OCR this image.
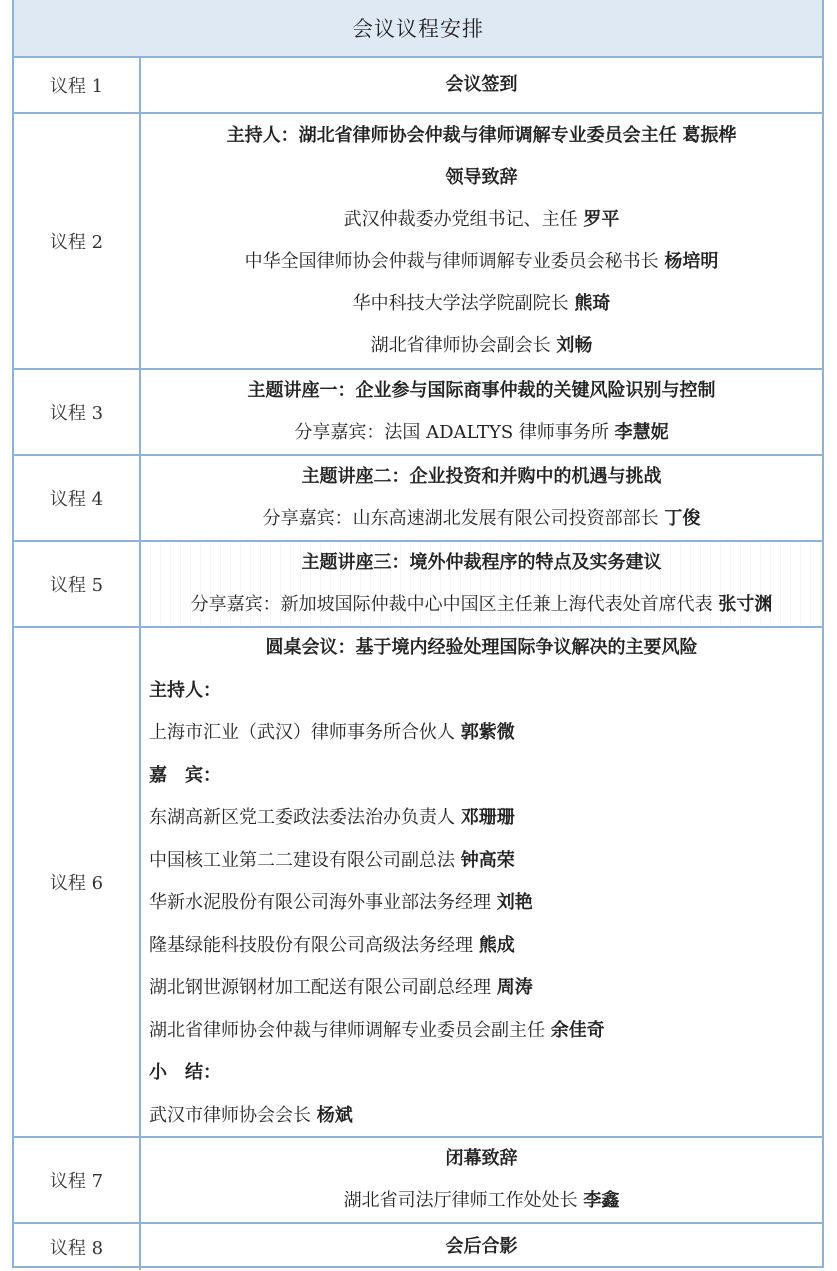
会议议程安排
议程 1	会议签到
议程 2
主持人：湖北省律师协会仲裁与律师调解专业委员会主任 葛振桦
领导致辞
武汉仲裁委办党组书记、主任 罗平
中华全国律师协会仲裁与律师调解专业委员会秘书长 杨培明
华中科技大学法学院副院长 熊琦
湖北省律师协会副会长 刘畅
议程 3
主题讲座一：企业参与国际商事仲裁的关键风险识别与控制
分享嘉宾：法国 ADALTYS 律师事务所 李慧妮
议程 4
主题讲座二：企业投资和并购中的机遇与挑战
分享嘉宾：山东高速湖北发展有限公司投资部部长 丁俊
议程 5
主题讲座三：境外仲裁程序的特点及实务建议
分享嘉宾：新加坡国际仲裁中心中国区主任兼上海代表处首席代表 张寸渊
议程 6
圆桌会议：基于境内经验处理国际争议解决的主要风险
主持人：
上海市汇业（武汉）律师事务所合伙人 郭紫微
嘉　宾：
东湖高新区党工委政法委法治办负责人 邓珊珊
中国核工业第二二建设有限公司副总法 钟高荣
华新水泥股份有限公司海外事业部法务经理 刘艳
隆基绿能科技股份有限公司高级法务经理 熊成
湖北钢世源钢材加工配送有限公司副总经理 周涛
湖北省律师协会仲裁与律师调解专业委员会副主任 余佳奇
小　结：
武汉市律师协会会长 杨斌
议程 7
闭幕致辞
湖北省司法厅律师工作处处长 李鑫
议程 8	会后合影
